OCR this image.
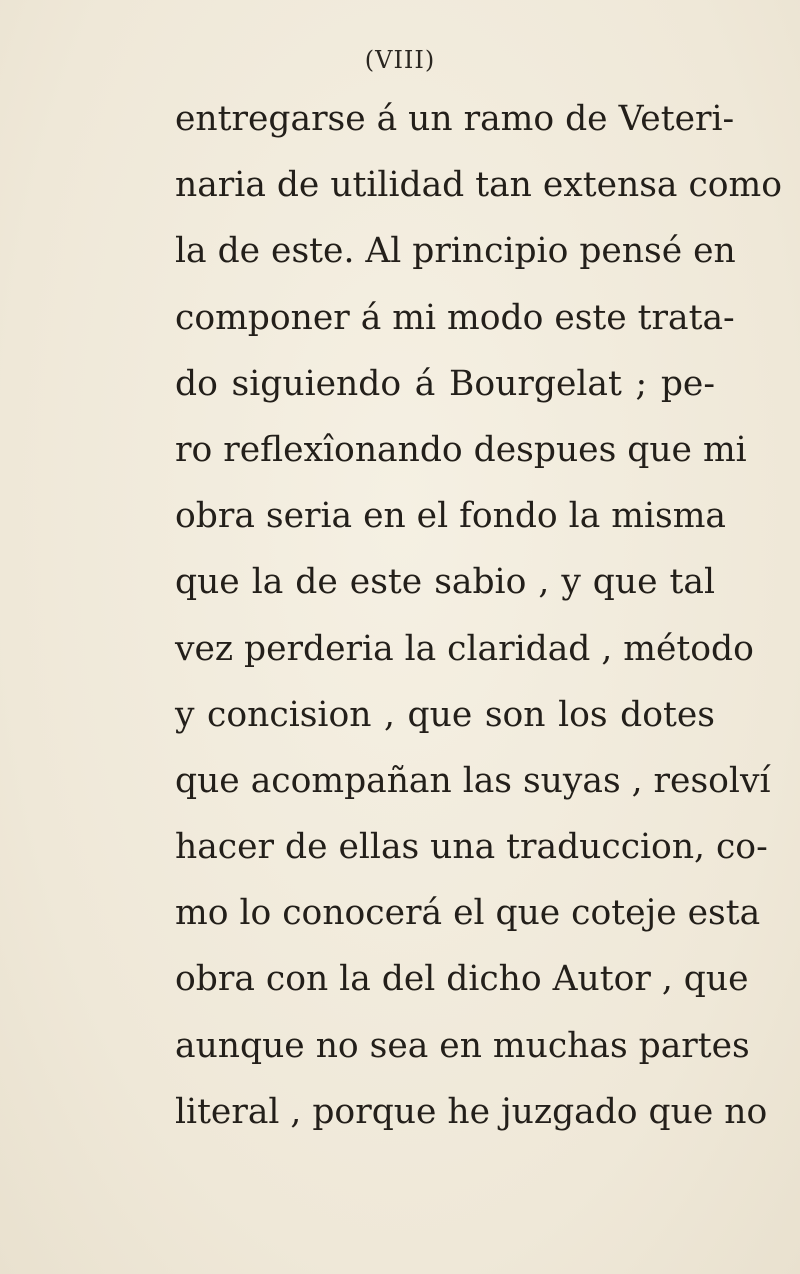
(VIII)
entregarse á un ramo de Veteri-
naria de utilidad tan extensa como
la de este. Al principio pensé en
componer á mi modo este trata-
do siguiendo á Bourgelat ; pe-
ro reflexîonando despues que mi
obra seria en el fondo la misma
que la de este sabio , y que tal
vez perderia la claridad , método
y concision , que son los dotes
que acompañan las suyas , resolví
hacer de ellas una traduccion, co-
mo lo conocerá el que coteje esta
obra con la del dicho Autor , que
aunque no sea en muchas partes
literal , porque he juzgado que no
